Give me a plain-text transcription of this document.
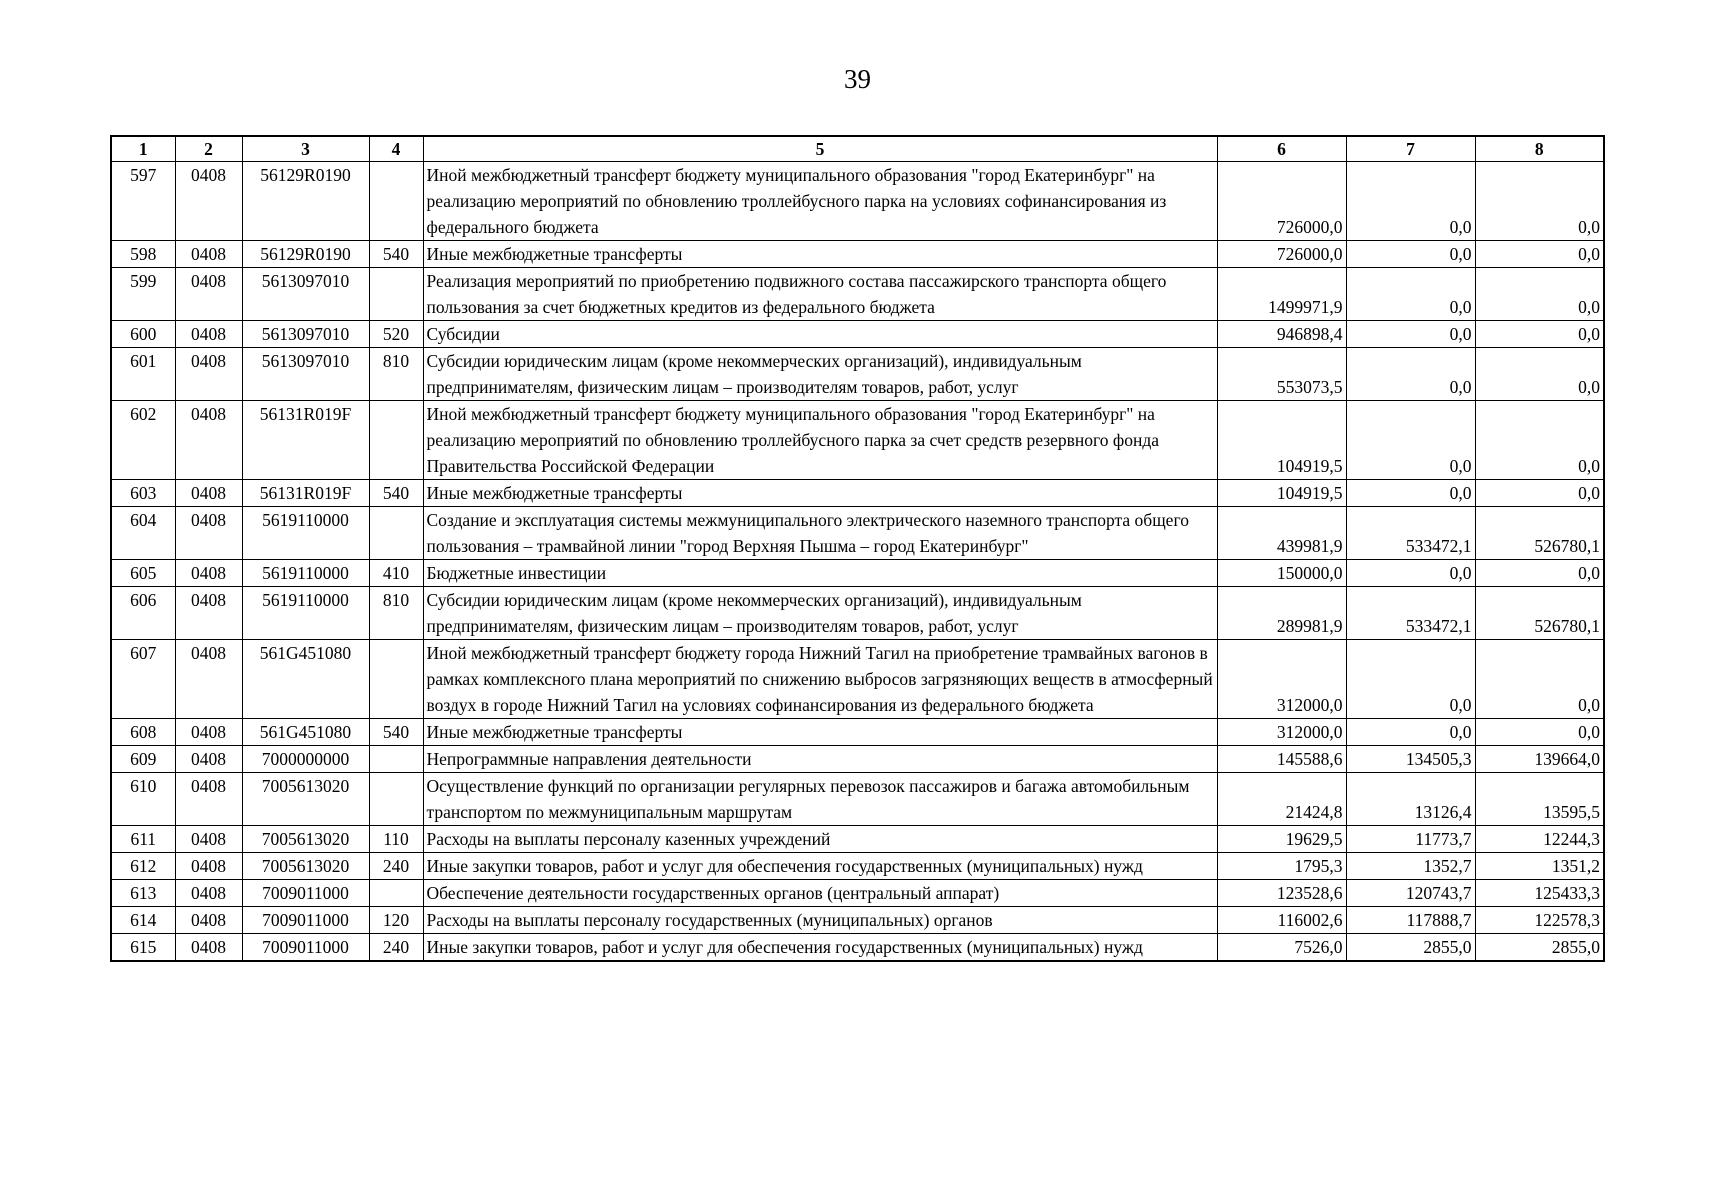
39
1	2	3	4	5	6	7	8
597	0408	56129R0190		Иной межбюджетный трансферт бюджету муниципального образования "город Екатеринбург" на реализацию мероприятий по обновлению троллейбусного парка на условиях софинансирования из федерального бюджета	726000,0	0,0	0,0
598	0408	56129R0190	540	Иные межбюджетные трансферты	726000,0	0,0	0,0
599	0408	5613097010		Реализация мероприятий по приобретению подвижного состава пассажирского транспорта общего пользования за счет бюджетных кредитов из федерального бюджета	1499971,9	0,0	0,0
600	0408	5613097010	520	Субсидии	946898,4	0,0	0,0
601	0408	5613097010	810	Субсидии юридическим лицам (кроме некоммерческих организаций), индивидуальным предпринимателям, физическим лицам – производителям товаров, работ, услуг	553073,5	0,0	0,0
602	0408	56131R019F		Иной межбюджетный трансферт бюджету муниципального образования "город Екатеринбург" на реализацию мероприятий по обновлению троллейбусного парка за счет средств резервного фонда Правительства Российской Федерации	104919,5	0,0	0,0
603	0408	56131R019F	540	Иные межбюджетные трансферты	104919,5	0,0	0,0
604	0408	5619110000		Создание и эксплуатация системы межмуниципального электрического наземного транспорта общего пользования – трамвайной линии "город Верхняя Пышма – город Екатеринбург"	439981,9	533472,1	526780,1
605	0408	5619110000	410	Бюджетные инвестиции	150000,0	0,0	0,0
606	0408	5619110000	810	Субсидии юридическим лицам (кроме некоммерческих организаций), индивидуальным предпринимателям, физическим лицам – производителям товаров, работ, услуг	289981,9	533472,1	526780,1
607	0408	561G451080		Иной межбюджетный трансферт бюджету города Нижний Тагил на приобретение трамвайных вагонов в рамках комплексного плана мероприятий по снижению выбросов загрязняющих веществ в атмосферный воздух в городе Нижний Тагил на условиях софинансирования из федерального бюджета	312000,0	0,0	0,0
608	0408	561G451080	540	Иные межбюджетные трансферты	312000,0	0,0	0,0
609	0408	7000000000		Непрограммные направления деятельности	145588,6	134505,3	139664,0
610	0408	7005613020		Осуществление функций по организации регулярных перевозок пассажиров и багажа автомобильным транспортом по межмуниципальным маршрутам	21424,8	13126,4	13595,5
611	0408	7005613020	110	Расходы на выплаты персоналу казенных учреждений	19629,5	11773,7	12244,3
612	0408	7005613020	240	Иные закупки товаров, работ и услуг для обеспечения государственных (муниципальных) нужд	1795,3	1352,7	1351,2
613	0408	7009011000		Обеспечение деятельности государственных органов (центральный аппарат)	123528,6	120743,7	125433,3
614	0408	7009011000	120	Расходы на выплаты персоналу государственных (муниципальных) органов	116002,6	117888,7	122578,3
615	0408	7009011000	240	Иные закупки товаров, работ и услуг для обеспечения государственных (муниципальных) нужд	7526,0	2855,0	2855,0
